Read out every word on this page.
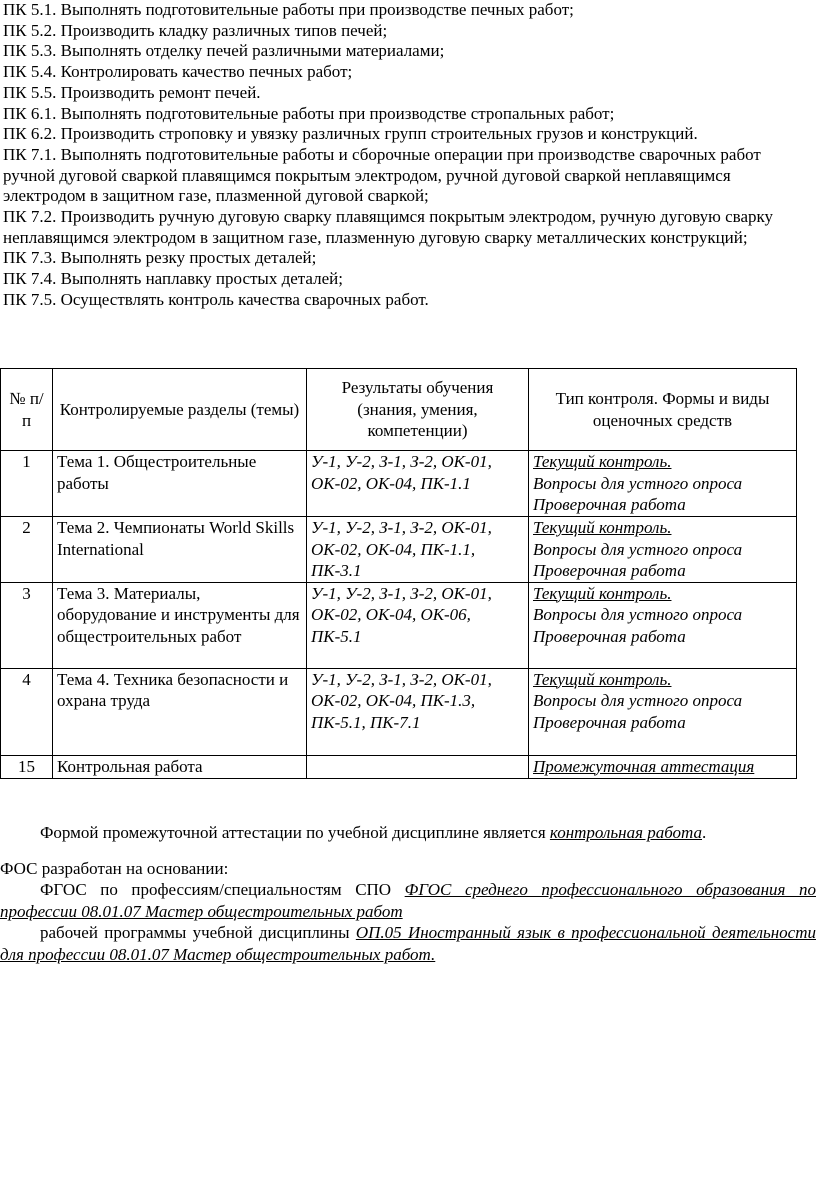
ПК 5.1. Выполнять подготовительные работы при производстве печных работ;

ПК 5.2. Производить кладку различных типов печей;

ПК 5.3. Выполнять отделку печей различными материалами;

ПК 5.4. Контролировать качество печных работ;

ПК 5.5. Производить ремонт печей.

ПК 6.1. Выполнять подготовительные работы при производстве стропальных работ;

ПК 6.2. Производить строповку и увязку различных групп строительных грузов и конструкций.

ПК 7.1. Выполнять подготовительные работы и сборочные операции при производстве сварочных работ ручной дуговой сваркой плавящимся покрытым электродом, ручной дуговой сваркой неплавящимся электродом в защитном газе, плазменной дуговой сваркой;

ПК 7.2. Производить ручную дуговую сварку плавящимся покрытым электродом, ручную дуговую сварку неплавящимся электродом в защитном газе, плазменную дуговую сварку металлических конструкций;

ПК 7.3. Выполнять резку простых деталей;

ПК 7.4. Выполнять наплавку простых деталей;

ПК 7.5. Осуществлять контроль качества сварочных работ.

№ п/п	Контролируемые разделы (темы)	Результаты обучения (знания, умения, компетенции)	Тип контроля. Формы и виды оценочных средств
1	Тема 1. Общестроительные работы	У-1, У-2, З-1, З-2, ОК-01, ОК-02, ОК-04, ПК-1.1	Текущий контроль.
Вопросы для устного опроса
Проверочная работа
2	Тема 2. Чемпионаты World Skills International	У-1, У-2, З-1, З-2, ОК-01, ОК-02, ОК-04, ПК-1.1, ПК-3.1	Текущий контроль.
Вопросы для устного опроса
Проверочная работа
3	Тема 3. Материалы, оборудование и инструменты для общестроительных работ	У-1, У-2, З-1, З-2, ОК-01, ОК-02, ОК-04, ОК-06, ПК-5.1	Текущий контроль.
Вопросы для устного опроса
Проверочная работа
4	Тема 4. Техника безопасности и охрана труда	У-1, У-2, З-1, З-2, ОК-01, ОК-02, ОК-04, ПК-1.3, ПК-5.1, ПК-7.1	Текущий контроль.
Вопросы для устного опроса
Проверочная работа
15	Контрольная работа		Промежуточная аттестация

Формой промежуточной аттестации по учебной дисциплине является контрольная работа.

ФОС разработан на основании:

ФГОС по профессиям/специальностям СПО ФГОС среднего профессионального образования по профессии 08.01.07 Мастер общестроительных работ

рабочей программы учебной дисциплины ОП.05 Иностранный язык в профессиональной деятельности для профессии 08.01.07 Мастер общестроительных работ.
